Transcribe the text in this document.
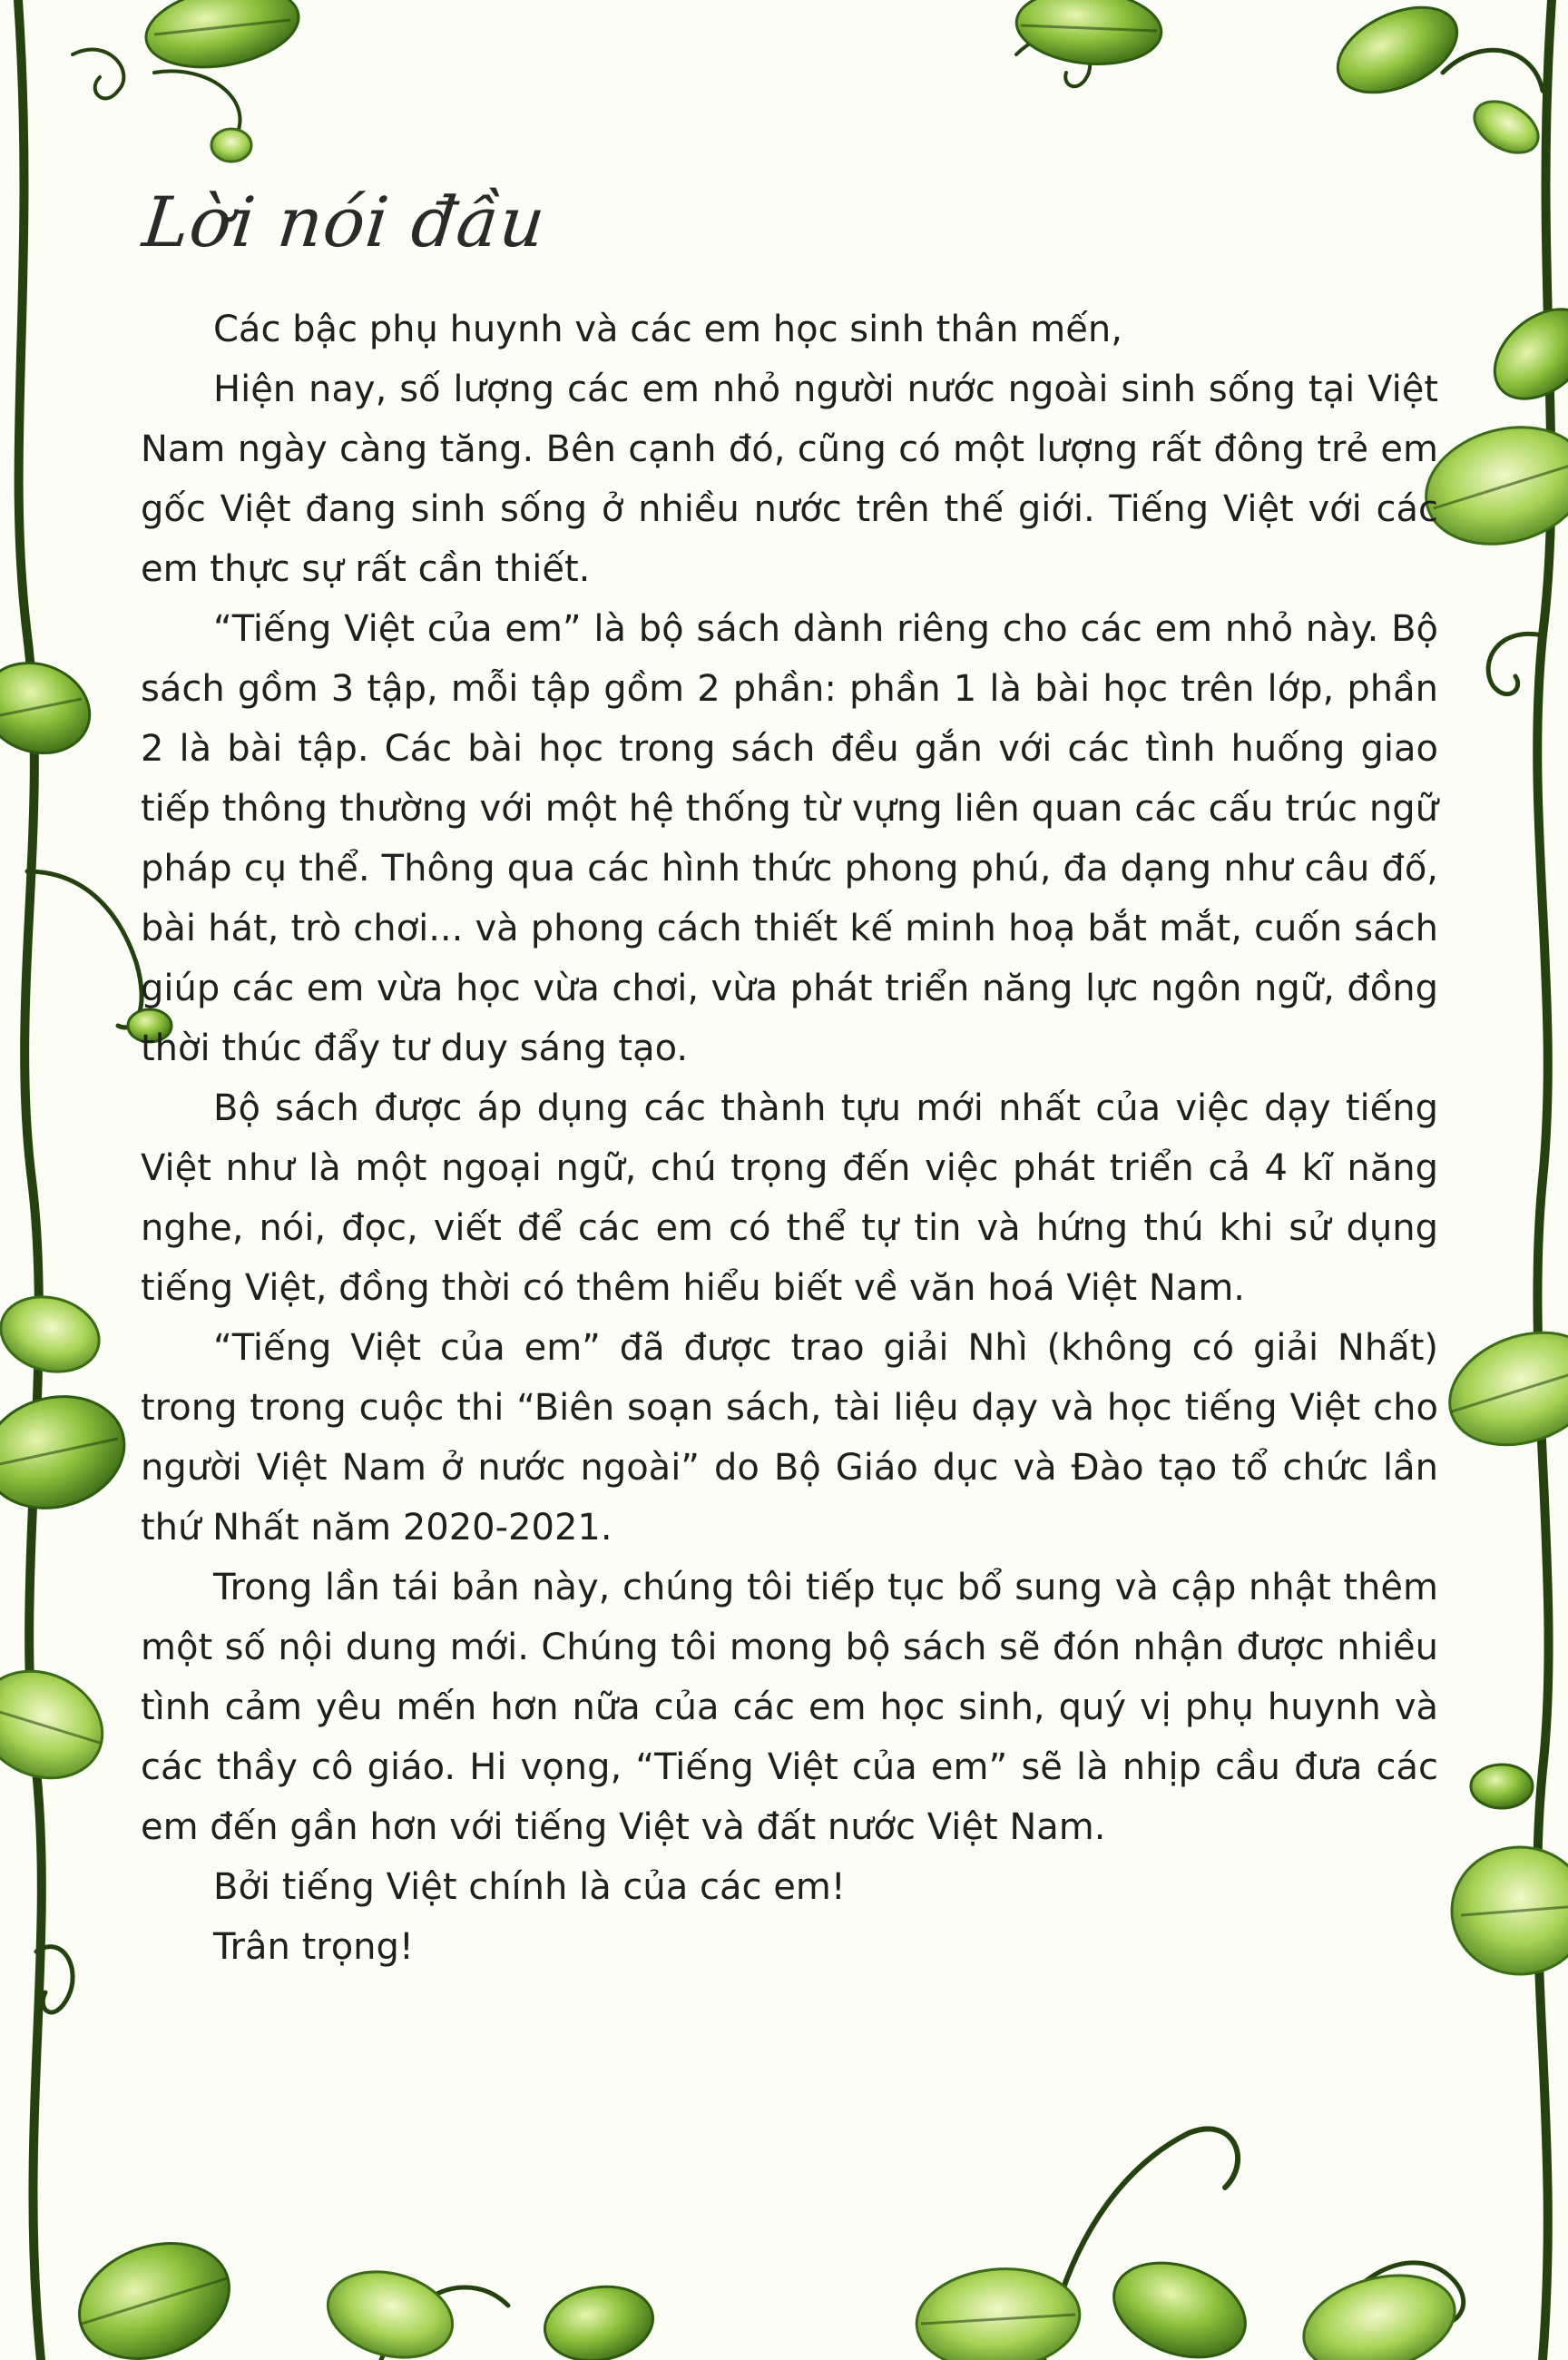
Lời nói đầu

Các bậc phụ huynh và các em học sinh thân mến,

Hiện nay, số lượng các em nhỏ người nước ngoài sinh sống tại Việt Nam ngày càng tăng. Bên cạnh đó, cũng có một lượng rất đông trẻ em gốc Việt đang sinh sống ở nhiều nước trên thế giới. Tiếng Việt với các em thực sự rất cần thiết.

“Tiếng Việt của em” là bộ sách dành riêng cho các em nhỏ này. Bộ sách gồm 3 tập, mỗi tập gồm 2 phần: phần 1 là bài học trên lớp, phần 2 là bài tập. Các bài học trong sách đều gắn với các tình huống giao tiếp thông thường với một hệ thống từ vựng liên quan các cấu trúc ngữ pháp cụ thể. Thông qua các hình thức phong phú, đa dạng như câu đố, bài hát, trò chơi... và phong cách thiết kế minh hoạ bắt mắt, cuốn sách giúp các em vừa học vừa chơi, vừa phát triển năng lực ngôn ngữ, đồng thời thúc đẩy tư duy sáng tạo.

Bộ sách được áp dụng các thành tựu mới nhất của việc dạy tiếng Việt như là một ngoại ngữ, chú trọng đến việc phát triển cả 4 kĩ năng nghe, nói, đọc, viết để các em có thể tự tin và hứng thú khi sử dụng tiếng Việt, đồng thời có thêm hiểu biết về văn hoá Việt Nam.

“Tiếng Việt của em” đã được trao giải Nhì (không có giải Nhất) trong trong cuộc thi “Biên soạn sách, tài liệu dạy và học tiếng Việt cho người Việt Nam ở nước ngoài” do Bộ Giáo dục và Đào tạo tổ chức lần thứ Nhất năm 2020-2021.

Trong lần tái bản này, chúng tôi tiếp tục bổ sung và cập nhật thêm một số nội dung mới. Chúng tôi mong bộ sách sẽ đón nhận được nhiều tình cảm yêu mến hơn nữa của các em học sinh, quý vị phụ huynh và các thầy cô giáo. Hi vọng, “Tiếng Việt của em” sẽ là nhịp cầu đưa các em đến gần hơn với tiếng Việt và đất nước Việt Nam.

Bởi tiếng Việt chính là của các em!

Trân trọng!
